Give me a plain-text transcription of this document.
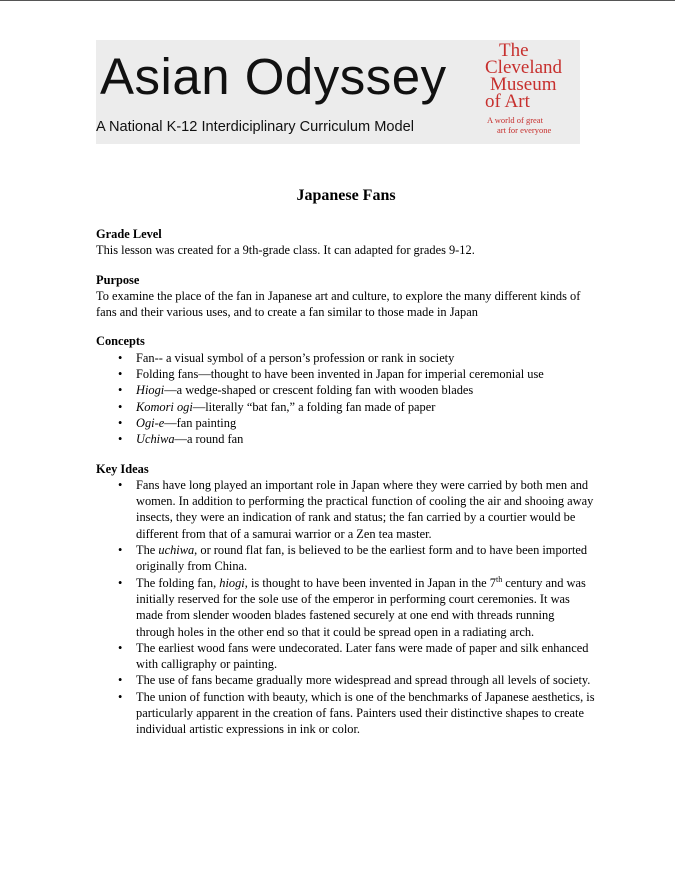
Asian Odyssey
A National K-12 Interdiciplinary Curriculum Model
The
Cleveland
Museum
of Art
A world of great
art for everyone
Japanese Fans
Grade Level
This lesson was created for a 9th-grade class. It can adapted for grades 9-12.
Purpose
To examine the place of the fan in Japanese art and culture, to explore the many different kinds of fans and their various uses, and to create a fan similar to those made in Japan
Concepts
• Fan-- a visual symbol of a person’s profession or rank in society
• Folding fans—thought to have been invented in Japan for imperial ceremonial use
• Hiogi—a wedge-shaped or crescent folding fan with wooden blades
• Komori ogi—literally “bat fan,” a folding fan made of paper
• Ogi-e—fan painting
• Uchiwa—a round fan
Key Ideas
• Fans have long played an important role in Japan where they were carried by both men and women. In addition to performing the practical function of cooling the air and shooing away insects, they were an indication of rank and status; the fan carried by a courtier would be different from that of a samurai warrior or a Zen tea master.
• The uchiwa, or round flat fan, is believed to be the earliest form and to have been imported originally from China.
• The folding fan, hiogi, is thought to have been invented in Japan in the 7th century and was initially reserved for the sole use of the emperor in performing court ceremonies. It was made from slender wooden blades fastened securely at one end with threads running through holes in the other end so that it could be spread open in a radiating arch.
• The earliest wood fans were undecorated. Later fans were made of paper and silk enhanced with calligraphy or painting.
• The use of fans became gradually more widespread and spread through all levels of society.
• The union of function with beauty, which is one of the benchmarks of Japanese aesthetics, is particularly apparent in the creation of fans. Painters used their distinctive shapes to create individual artistic expressions in ink or color.
